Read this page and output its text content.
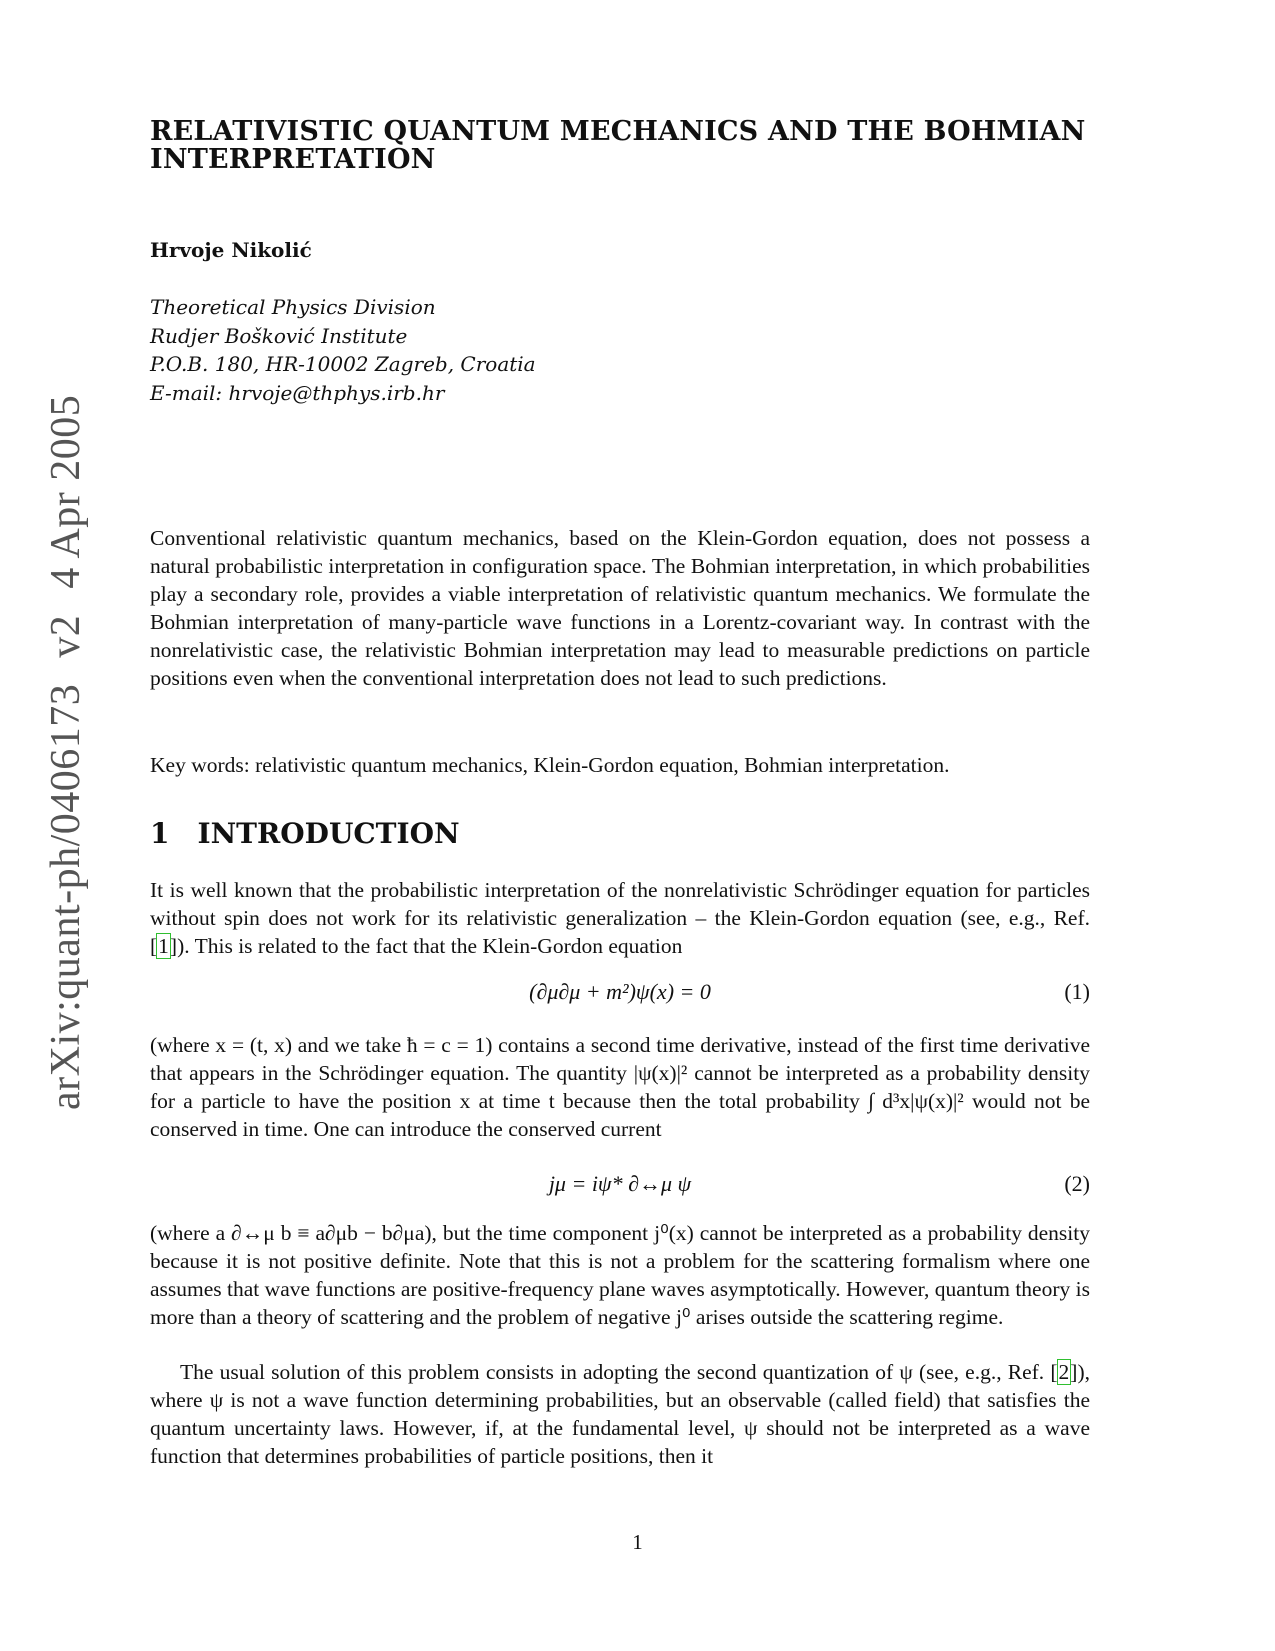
arXiv:quant-ph/0406173v24 Apr 2005
RELATIVISTIC QUANTUM MECHANICS AND THE BOHMIAN
INTERPRETATION
Hrvoje Nikolić
Theoretical Physics Division
Rudjer Bošković Institute
P.O.B. 180, HR-10002 Zagreb, Croatia
E-mail: hrvoje@thphys.irb.hr

Conventional relativistic quantum mechanics, based on the Klein-Gordon equation, does not possess a natural probabilistic interpretation in configuration space. The Bohmian interpretation, in which probabilities play a secondary role, provides a viable interpretation of relativistic quantum mechanics. We formulate the Bohmian interpretation of many-particle wave functions in a Lorentz-covariant way. In contrast with the nonrelativistic case, the relativistic Bohmian interpretation may lead to measurable predictions on particle positions even when the conventional interpretation does not lead to such predictions.

Key words: relativistic quantum mechanics, Klein-Gordon equation, Bohmian interpretation.

1 INTRODUCTION

It is well known that the probabilistic interpretation of the nonrelativistic Schrödinger equation for particles without spin does not work for its relativistic generalization – the Klein-Gordon equation (see, e.g., Ref. [1]). This is related to the fact that the Klein-Gordon equation

(∂μ∂μ + m²)ψ(x) = 0	(1)

(where x = (t, x) and we take ħ = c = 1) contains a second time derivative, instead of the first time derivative that appears in the Schrödinger equation. The quantity |ψ(x)|² cannot be interpreted as a probability density for a particle to have the position x at time t because then the total probability ∫ d³x|ψ(x)|² would not be conserved in time. One can introduce the conserved current

jμ = iψ* ∂↔μ ψ	(2)

(where a ∂↔μ b ≡ a∂μb − b∂μa), but the time component j⁰(x) cannot be interpreted as a probability density because it is not positive definite. Note that this is not a problem for the scattering formalism where one assumes that wave functions are positive-frequency plane waves asymptotically. However, quantum theory is more than a theory of scattering and the problem of negative j⁰ arises outside the scattering regime.

The usual solution of this problem consists in adopting the second quantization of ψ (see, e.g., Ref. [2]), where ψ is not a wave function determining probabilities, but an observable (called field) that satisfies the quantum uncertainty laws. However, if, at the fundamental level, ψ should not be interpreted as a wave function that determines probabilities of particle positions, then it

1
